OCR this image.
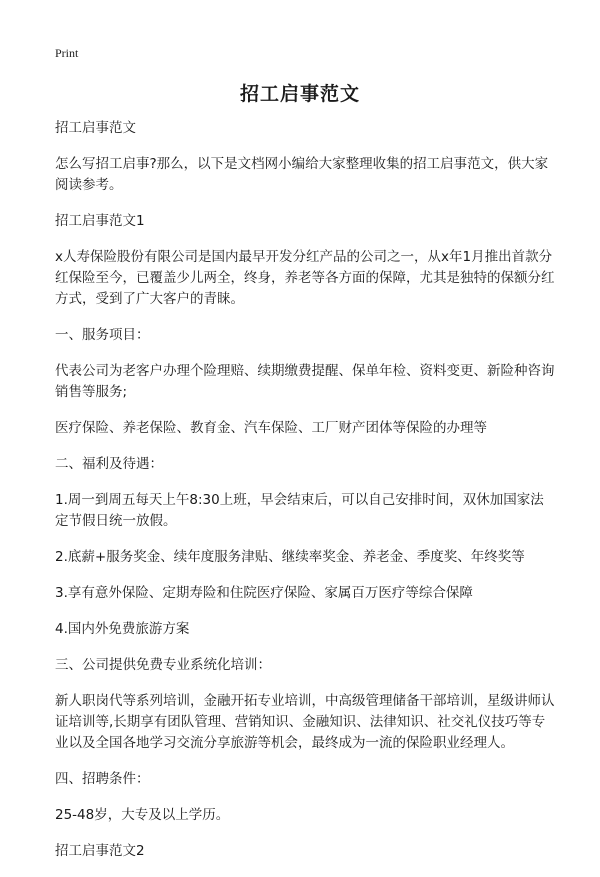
Print
招工启事范文

招工启事范文

怎么写招工启事?那么，以下是文档网小编给大家整理收集的招工启事范文，供大家阅读参考。

招工启事范文1

x人寿保险股份有限公司是国内最早开发分红产品的公司之一，从x年1月推出首款分红保险至今，已覆盖少儿两全，终身，养老等各方面的保障，尤其是独特的保额分红方式，受到了广大客户的青睐。

一、服务项目：

代表公司为老客户办理个险理赔、续期缴费提醒、保单年检、资料变更、新险种咨询销售等服务;

医疗保险、养老保险、教育金、汽车保险、工厂财产团体等保险的办理等

二、福利及待遇：

1.周一到周五每天上午8:30上班，早会结束后，可以自己安排时间，双休加国家法定节假日统一放假。

2.底薪+服务奖金、续年度服务津贴、继续率奖金、养老金、季度奖、年终奖等

3.享有意外保险、定期寿险和住院医疗保险、家属百万医疗等综合保障

4.国内外免费旅游方案

三、公司提供免费专业系统化培训：

新人职岗代等系列培训，金融开拓专业培训，中高级管理储备干部培训，星级讲师认证培训等,长期享有团队管理、营销知识、金融知识、法律知识、社交礼仪技巧等专业以及全国各地学习交流分享旅游等机会，最终成为一流的保险职业经理人。

四、招聘条件：

25-48岁，大专及以上学历。

招工启事范文2
